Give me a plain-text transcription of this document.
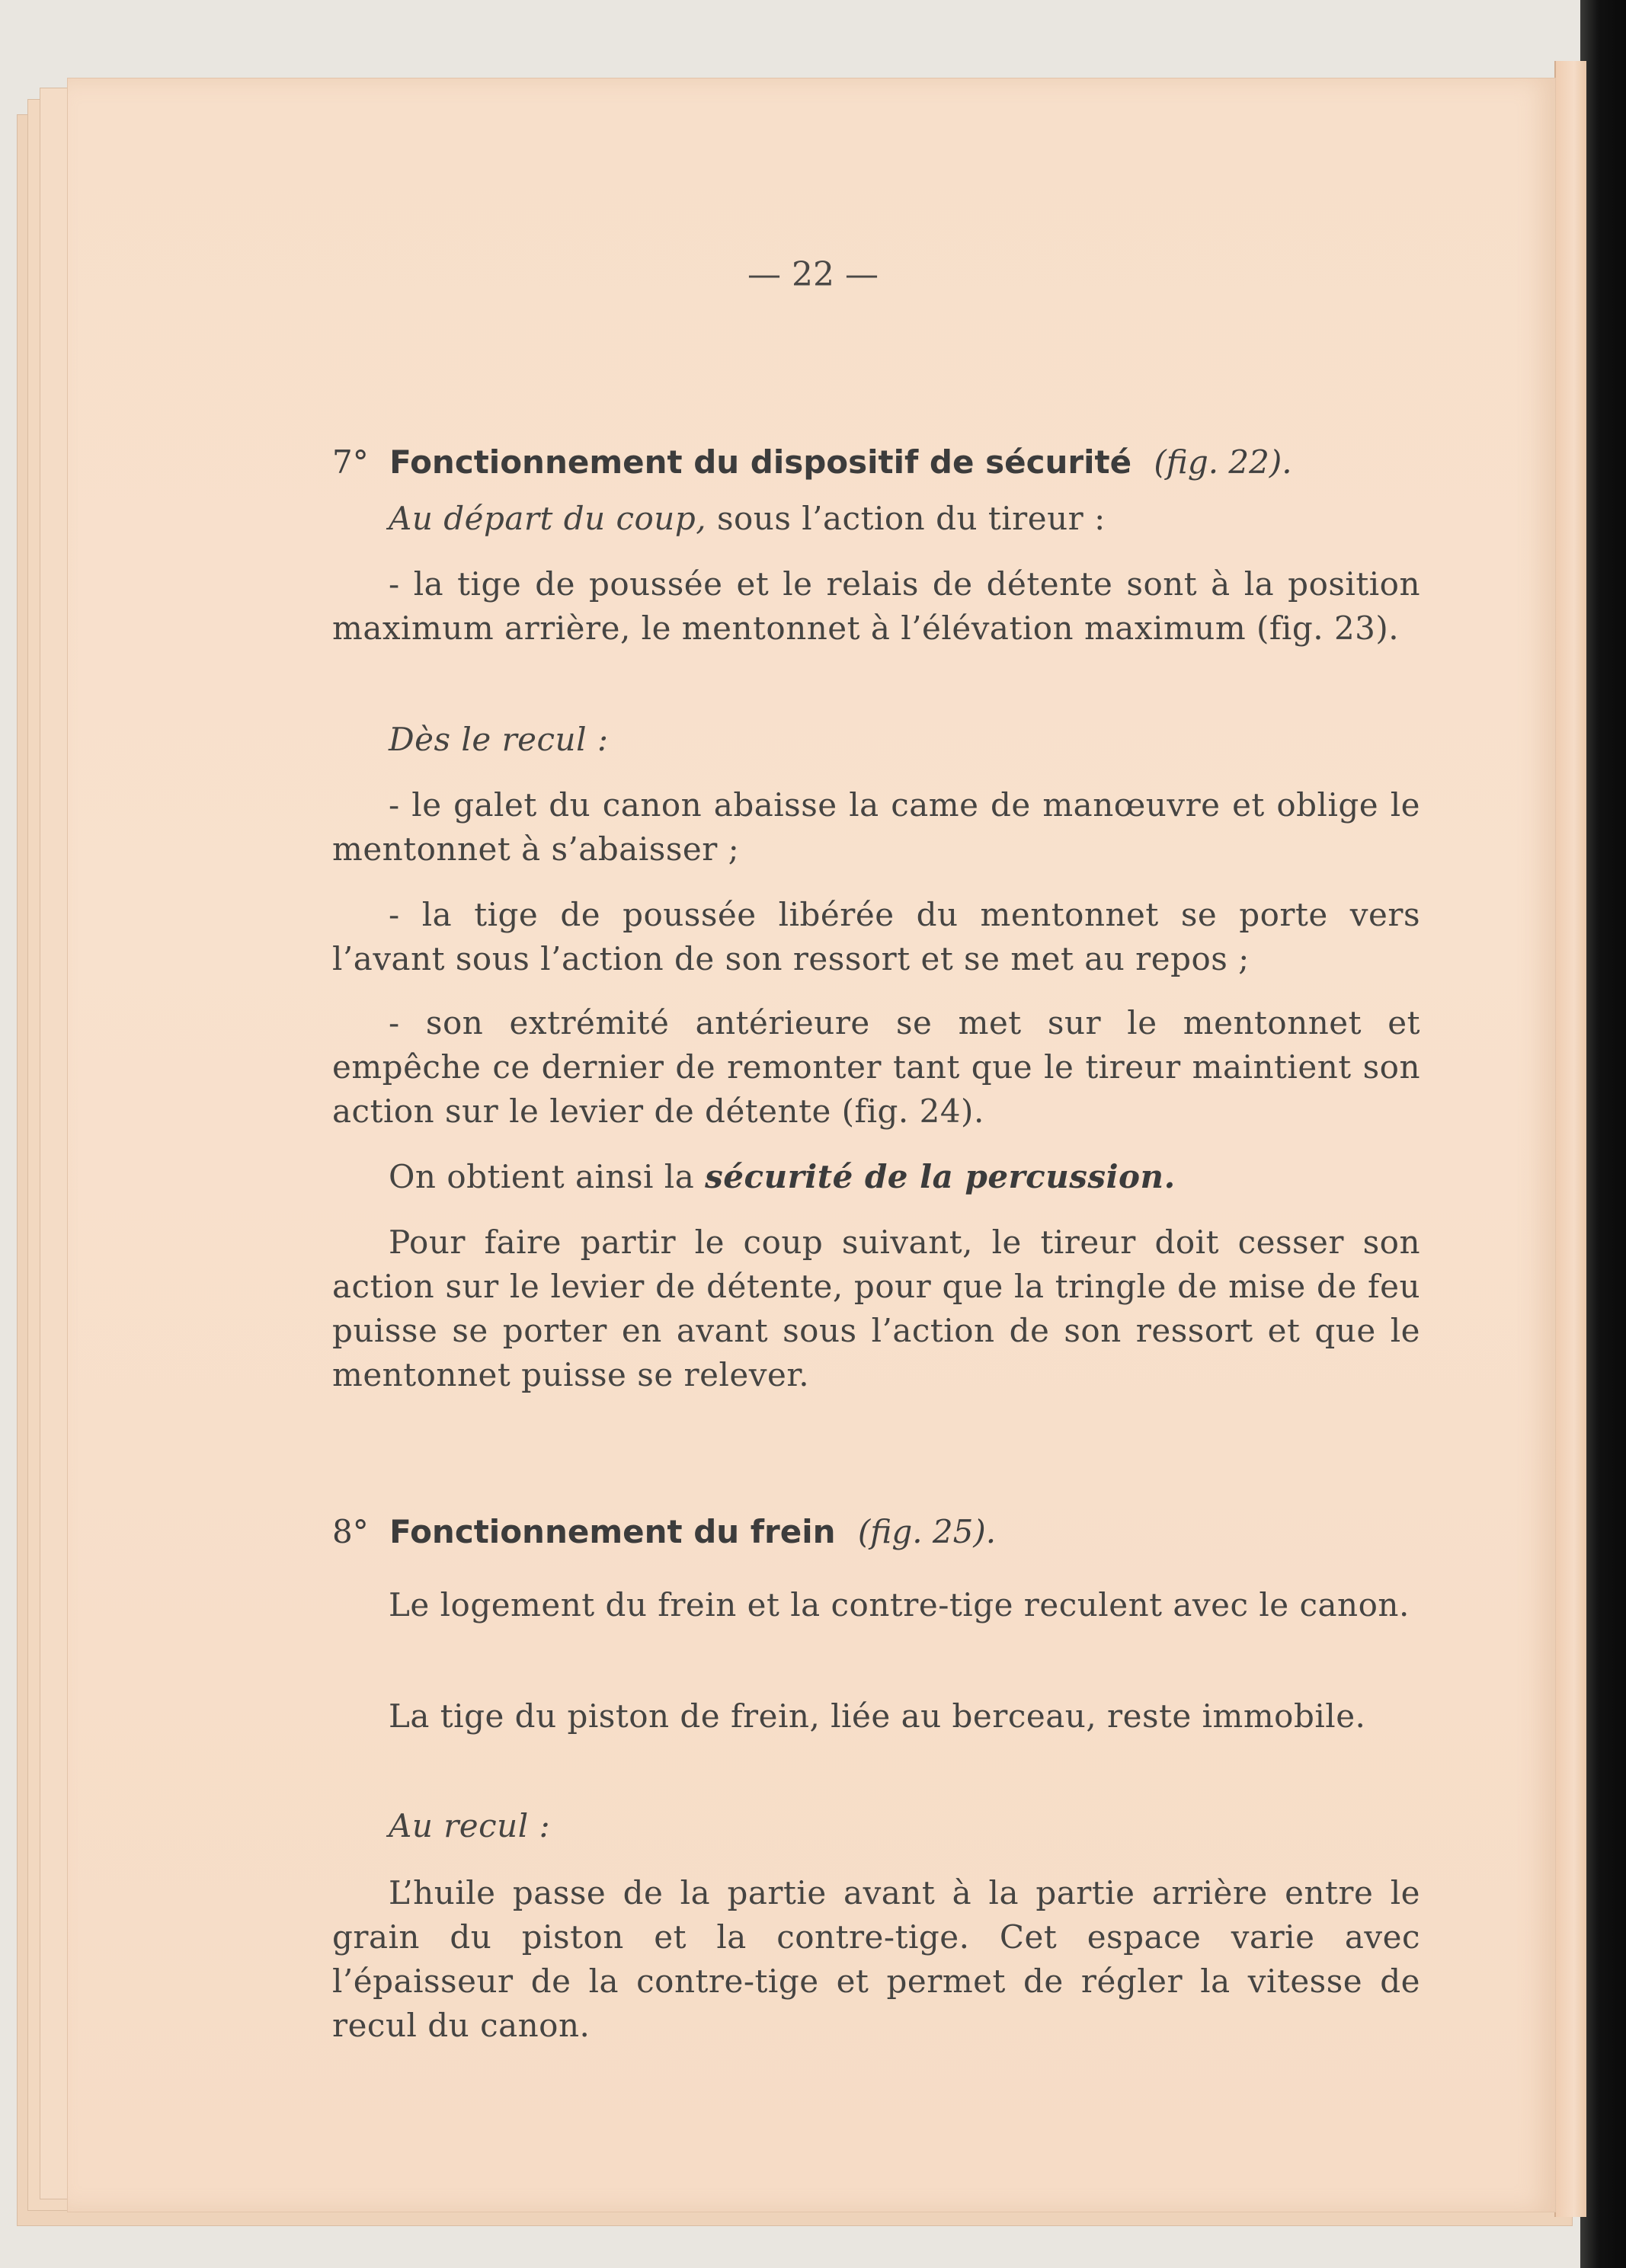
— 22 —
7° Fonctionnement du dispositif de sécurité (fig. 22).
Au départ du coup, sous l’action du tireur :
- la tige de poussée et le relais de détente sont à la position maximum arrière, le mentonnet à l’élévation maximum (fig. 23).
Dès le recul :
- le galet du canon abaisse la came de manœuvre et oblige le mentonnet à s’abaisser ;
- la tige de poussée libérée du mentonnet se porte vers l’avant sous l’action de son ressort et se met au repos ;
- son extrémité antérieure se met sur le mentonnet et empêche ce dernier de remonter tant que le tireur maintient son action sur le levier de détente (fig. 24).
On obtient ainsi la sécurité de la percussion.
Pour faire partir le coup suivant, le tireur doit cesser son action sur le levier de détente, pour que la tringle de mise de feu puisse se porter en avant sous l’action de son ressort et que le mentonnet puisse se relever.
8° Fonctionnement du frein (fig. 25).
Le logement du frein et la contre-tige reculent avec le canon.
La tige du piston de frein, liée au berceau, reste immobile.
Au recul :
L’huile passe de la partie avant à la partie arrière entre le grain du piston et la contre-tige. Cet espace varie avec l’épaisseur de la contre-tige et permet de régler la vitesse de recul du canon.
